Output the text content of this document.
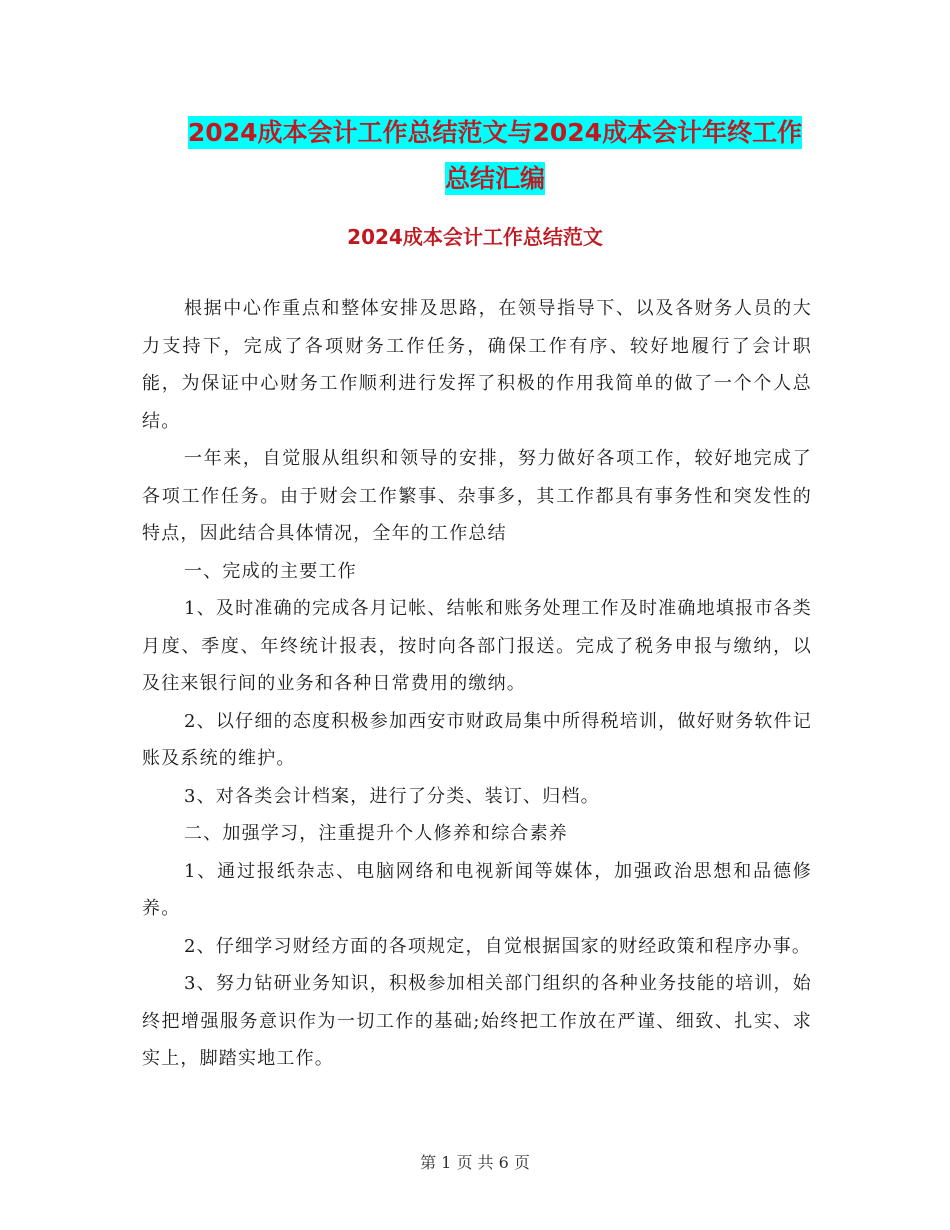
2024成本会计工作总结范文与2024成本会计年终工作
总结汇编
2024成本会计工作总结范文

根据中心作重点和整体安排及思路，在领导指导下、以及各财务人员的大力支持下，完成了各项财务工作任务，确保工作有序、较好地履行了会计职能，为保证中心财务工作顺利进行发挥了积极的作用我简单的做了一个个人总结。

一年来，自觉服从组织和领导的安排，努力做好各项工作，较好地完成了各项工作任务。由于财会工作繁事、杂事多，其工作都具有事务性和突发性的特点，因此结合具体情况，全年的工作总结

一、完成的主要工作

1、及时准确的完成各月记帐、结帐和账务处理工作及时准确地填报市各类月度、季度、年终统计报表，按时向各部门报送。完成了税务申报与缴纳，以及往来银行间的业务和各种日常费用的缴纳。

2、以仔细的态度积极参加西安市财政局集中所得税培训，做好财务软件记账及系统的维护。

3、对各类会计档案，进行了分类、装订、归档。

二、加强学习，注重提升个人修养和综合素养

1、通过报纸杂志、电脑网络和电视新闻等媒体，加强政治思想和品德修养。

2、仔细学习财经方面的各项规定，自觉根据国家的财经政策和程序办事。

3、努力钻研业务知识，积极参加相关部门组织的各种业务技能的培训，始终把增强服务意识作为一切工作的基础;始终把工作放在严谨、细致、扎实、求实上，脚踏实地工作。

第 1 页 共 6 页
